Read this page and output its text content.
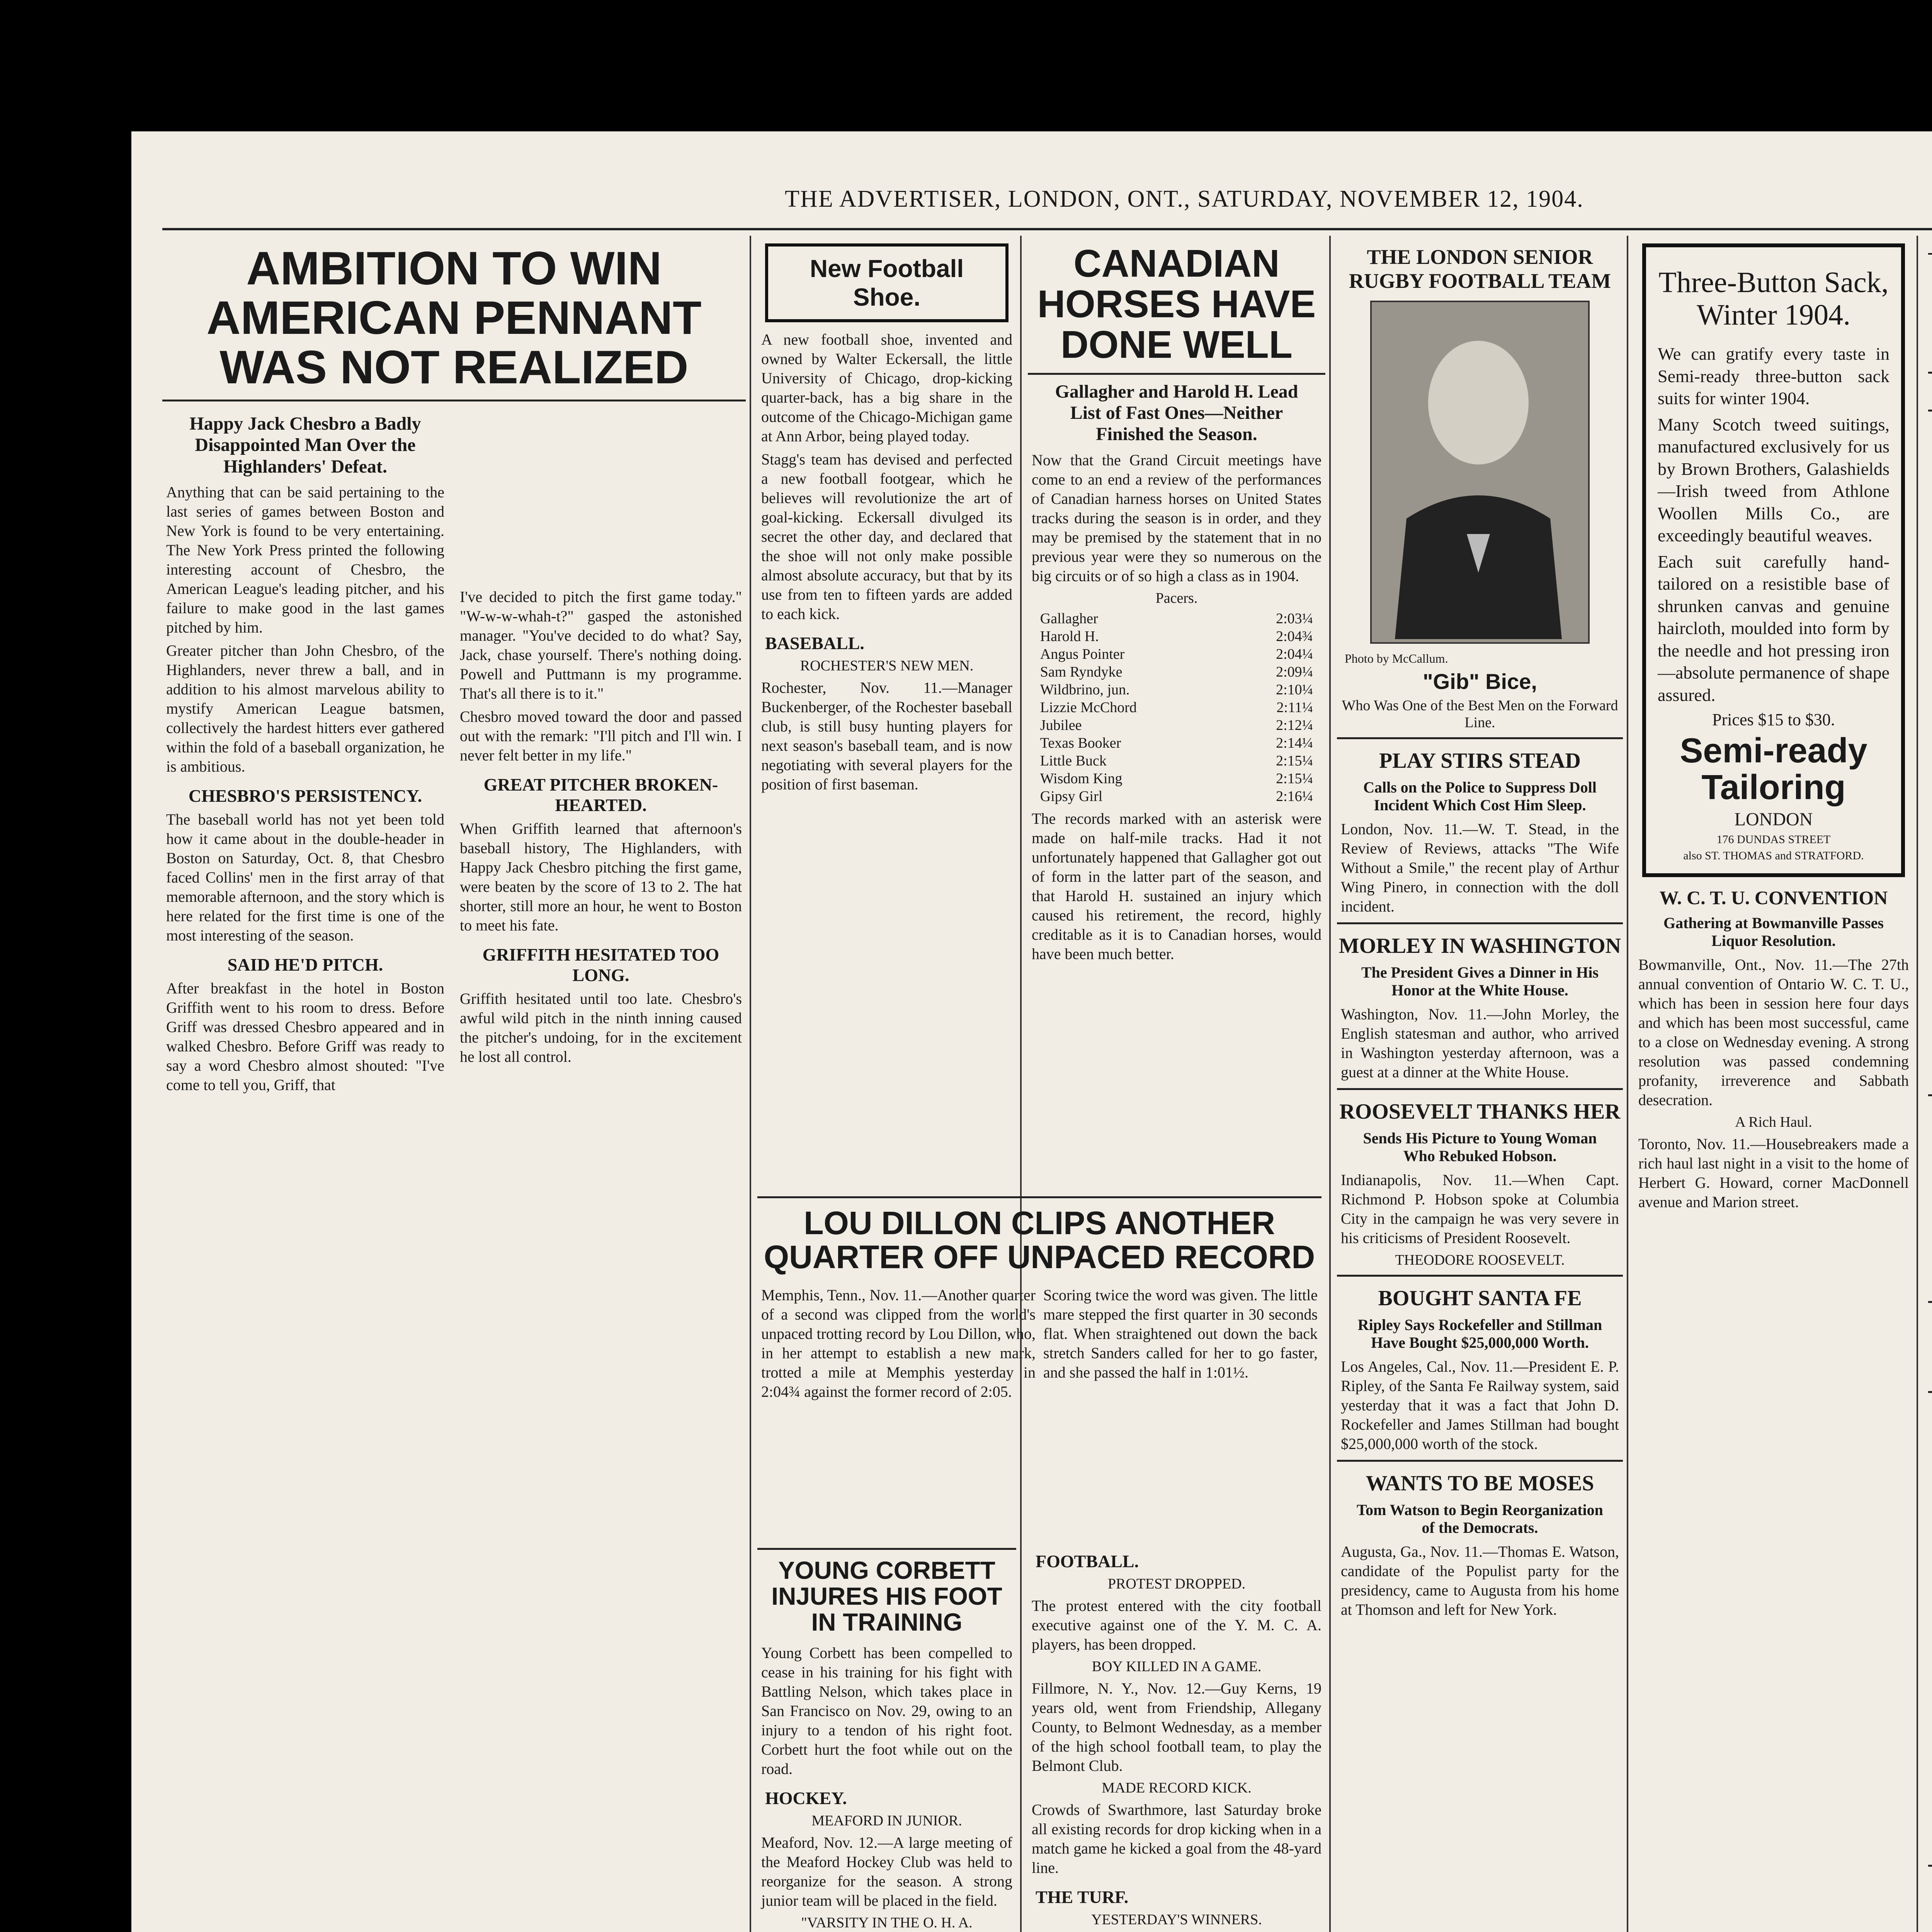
THE ADVERTISER, LONDON, ONT., SATURDAY, NOVEMBER 12, 1904.
AMBITION TO WIN AMERICAN PENNANT WAS NOT REALIZED
Happy Jack Chesbro a Badly Disappointed Man Over the Highlanders' Defeat.
Anything that can be said pertaining to the last series of games between Boston and New York is found to be very entertaining. The New York Press printed the following interesting account of Chesbro, the American League's leading pitcher, and his failure to make good in the last games pitched by him.
Greater pitcher than John Chesbro, of the Highlanders, never threw a ball, and in addition to his almost marvelous ability to mystify American League batsmen, collectively the hardest hitters ever gathered within the fold of a baseball organization, he is ambitious.
CHESBRO'S PERSISTENCY.
The baseball world has not yet been told how it came about in the double-header in Boston on Saturday, Oct. 8, that Chesbro faced Collins' men in the first array of that memorable afternoon, and the story which is here related for the first time is one of the most interesting of the season.
SAID HE'D PITCH.
After breakfast in the hotel in Boston Griffith went to his room to dress. Before Griff was dressed Chesbro appeared and in walked Chesbro. Before Griff was ready to say a word Chesbro almost shouted: "I've come to tell you, Griff, that
I've decided to pitch the first game today." "W-w-w-whah-t?" gasped the astonished manager. "You've decided to do what? Say, Jack, chase yourself. There's nothing doing. Powell and Puttmann is my programme. That's all there is to it."
Chesbro moved toward the door and passed out with the remark: "I'll pitch and I'll win. I never felt better in my life."
GREAT PITCHER BROKEN-HEARTED.
When Griffith learned that afternoon's baseball history, The Highlanders, with Happy Jack Chesbro pitching the first game, were beaten by the score of 13 to 2. The hat shorter, still more an hour, he went to Boston to meet his fate.
GRIFFITH HESITATED TOO LONG.
Griffith hesitated until too late. Chesbro's awful wild pitch in the ninth inning caused the pitcher's undoing, for in the excitement he lost all control.
New Football Shoe.
A new football shoe, invented and owned by Walter Eckersall, the little University of Chicago, drop-kicking quarter-back, has a big share in the outcome of the Chicago-Michigan game at Ann Arbor, being played today.
Stagg's team has devised and perfected a new football footgear, which he believes will revolutionize the art of goal-kicking. Eckersall divulged its secret the other day, and declared that the shoe will not only make possible almost absolute accuracy, but that by its use from ten to fifteen yards are added to each kick.
BASEBALL.
ROCHESTER'S NEW MEN.
Rochester, Nov. 11.—Manager Buckenberger, of the Rochester baseball club, is still busy hunting players for next season's baseball team, and is now negotiating with several players for the position of first baseman.
LOU DILLON CLIPS ANOTHER QUARTER OFF UNPACED RECORD
Memphis, Tenn., Nov. 11.—Another quarter of a second was clipped from the world's unpaced trotting record by Lou Dillon, who, in her attempt to establish a new mark, trotted a mile at Memphis yesterday in 2:04¾ against the former record of 2:05.
Scoring twice the word was given. The little mare stepped the first quarter in 30 seconds flat. When straightened out down the back stretch Sanders called for her to go faster, and she passed the half in 1:01½.
YOUNG CORBETT INJURES HIS FOOT IN TRAINING
Young Corbett has been compelled to cease in his training for his fight with Battling Nelson, which takes place in San Francisco on Nov. 29, owing to an injury to a tendon of his right foot. Corbett hurt the foot while out on the road.
HOCKEY.
MEAFORD IN JUNIOR.
Meaford, Nov. 12.—A large meeting of the Meaford Hockey Club was held to reorganize for the season. A strong junior team will be placed in the field.
"VARSITY IN THE O. H. A.
CANADIAN HORSES HAVE DONE WELL
Gallagher and Harold H. Lead List of Fast Ones—Neither Finished the Season.
Now that the Grand Circuit meetings have come to an end a review of the performances of Canadian harness horses on United States tracks during the season is in order, and they may be premised by the statement that in no previous year were they so numerous on the big circuits or of so high a class as in 1904.
Pacers.
Gallagher	2:03¼
Harold H.	2:04¾
Angus Pointer	2:04¼
Sam Ryndyke	2:09¼
Wildbrino, jun.	2:10¼
Lizzie McChord	2:11¼
Jubilee	2:12¼
Texas Booker	2:14¼
Little Buck	2:15¼
Wisdom King	2:15¼
Gipsy Girl	2:16¼
The records marked with an asterisk were made on half-mile tracks. Had it not unfortunately happened that Gallagher got out of form in the latter part of the season, and that Harold H. sustained an injury which caused his retirement, the record, highly creditable as it is to Canadian horses, would have been much better.
FOOTBALL.
PROTEST DROPPED.
The protest entered with the city football executive against one of the Y. M. C. A. players, has been dropped.
BOY KILLED IN A GAME.
Fillmore, N. Y., Nov. 12.—Guy Kerns, 19 years old, went from Friendship, Allegany County, to Belmont Wednesday, as a member of the high school football team, to play the Belmont Club.
MADE RECORD KICK.
Crowds of Swarthmore, last Saturday broke all existing records for drop kicking when in a match game he kicked a goal from the 48-yard line.
THE TURF.
YESTERDAY'S WINNERS.
THE LONDON SENIOR RUGBY FOOTBALL TEAM
Photo by McCallum.
"Gib" Bice,
Who Was One of the Best Men on the Forward Line.
PLAY STIRS STEAD
Calls on the Police to Suppress Doll Incident Which Cost Him Sleep.
London, Nov. 11.—W. T. Stead, in the Review of Reviews, attacks "The Wife Without a Smile," the recent play of Arthur Wing Pinero, in connection with the doll incident.
MORLEY IN WASHINGTON
The President Gives a Dinner in His Honor at the White House.
Washington, Nov. 11.—John Morley, the English statesman and author, who arrived in Washington yesterday afternoon, was a guest at a dinner at the White House.
ROOSEVELT THANKS HER
Sends His Picture to Young Woman Who Rebuked Hobson.
Indianapolis, Nov. 11.—When Capt. Richmond P. Hobson spoke at Columbia City in the campaign he was very severe in his criticisms of President Roosevelt.
THEODORE ROOSEVELT.
BOUGHT SANTA FE
Ripley Says Rockefeller and Stillman Have Bought $25,000,000 Worth.
Los Angeles, Cal., Nov. 11.—President E. P. Ripley, of the Santa Fe Railway system, said yesterday that it was a fact that John D. Rockefeller and James Stillman had bought $25,000,000 worth of the stock.
WANTS TO BE MOSES
Tom Watson to Begin Reorganization of the Democrats.
Augusta, Ga., Nov. 11.—Thomas E. Watson, candidate of the Populist party for the presidency, came to Augusta from his home at Thomson and left for New York.
Three-Button Sack, Winter 1904.
We can gratify every taste in Semi-ready three-button sack suits for winter 1904.
Many Scotch tweed suitings, manufactured exclusively for us by Brown Brothers, Galashields—Irish tweed from Athlone Woollen Mills Co., are exceedingly beautiful weaves.
Each suit carefully hand-tailored on a resistible base of shrunken canvas and genuine haircloth, moulded into form by the needle and hot pressing iron—absolute permanence of shape assured.
Prices $15 to $30.
Semi-ready Tailoring
LONDON
176 DUNDAS STREET
also ST. THOMAS and STRATFORD.
W. C. T. U. CONVENTION
Gathering at Bowmanville Passes Liquor Resolution.
Bowmanville, Ont., Nov. 11.—The 27th annual convention of Ontario W. C. T. U., which has been in session here four days and which has been most successful, came to a close on Wednesday evening. A strong resolution was passed condemning profanity, irreverence and Sabbath desecration.
A Rich Haul.
Toronto, Nov. 11.—Housebreakers made a rich haul last night in a visit to the home of Herbert G. Howard, corner MacDonnell avenue and Marion street.
